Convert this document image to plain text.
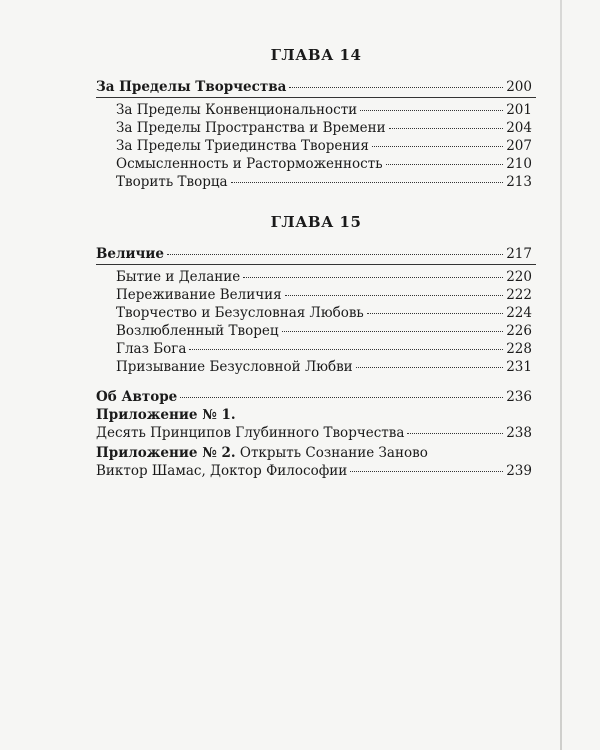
ГЛАВА 14
За Пределы Творчества	200
За Пределы Конвенциональности	201
За Пределы Пространства и Времени	204
За Пределы Триединства Творения	207
Осмысленность и Расторможенность	210
Творить Творца	213
ГЛАВА 15
Величие	217
Бытие и Делание	220
Переживание Величия	222
Творчество и Безусловная Любовь	224
Возлюбленный Творец	226
Глаз Бога	228
Призывание Безусловной Любви	231
Об Авторе	236
Приложение № 1.
Десять Принципов Глубинного Творчества	238
Приложение № 2. Открыть Сознание Заново
Виктор Шамас, Доктор Философии	239
